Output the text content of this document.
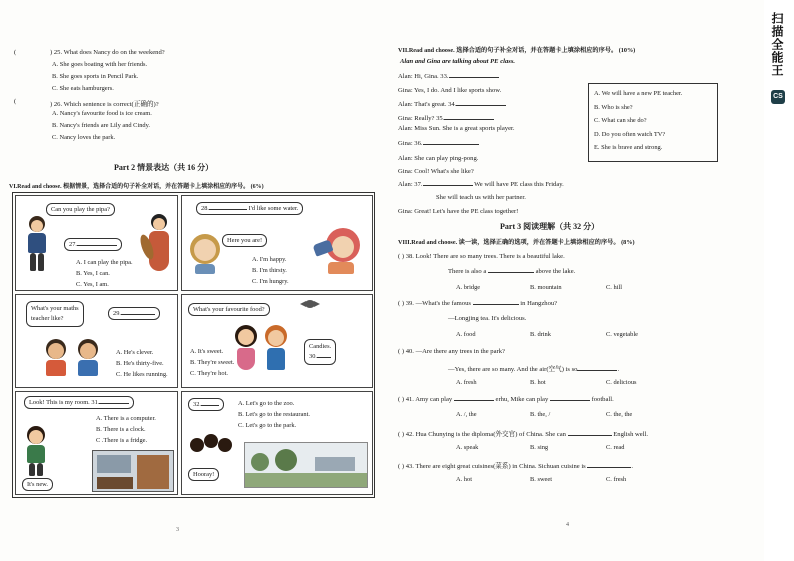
(	) 25. What does Nancy do on the weekend?
A. She goes boating with her friends.
B. She goes sports in Pencil Park.
C. She eats hamburgers.
(	) 26. Which sentence is correct(正确的)?
A. Nancy's favourite food is ice cream.
B. Nancy's friends are Lily and Cindy.
C. Nancy loves the park.
Part 2 情景表达（共 16 分）
VI.Read and choose. 根据情景，选择合适的句子补全对话，并在答题卡上填涂相应的序号。 (6%)
Can you play the pipa?
27.
A. I can play the pipa.
B. Yes, I can.
C. Yes, I am.
28.	I'd like some water.
Here you are!
A. I'm happy.
B. I'm thirsty.
C. I'm hungry.
What's your maths
teacher like?
29.
A. He's clever.
B. He's thirty-five.
C. He likes running.
What's your favourite food?
Candies.
30.
A. It's sweet.
B. They're sweet.
C. They're hot.
Look! This is my room. 31.
It's new.
A. There is a computer.
B. There is a clock.
C .There is a fridge.
32.	A. Let's go to the zoo.
B. Let's go to the restaurant.
C. Let's go to the park.
Hooray!
3
VII.Read and choose. 选择合适的句子补全对话，并在答题卡上填涂相应的序号。 (10%)
Alan and Gina are talking about PE class.
Alan: Hi, Gina. 33.
Gina: Yes, I do. And I like sports show.
Alan: That's great. 34.
Gina: Really? 35.
Alan: Miss Sun. She is a great sports player.
Gina: 36.
Alan: She can play ping-pong.
Gina: Cool! What's she like?
Alan: 37.	We will have PE class this Friday.
She will teach us with her partner.
Gina: Great! Let's have the PE class together!
A. We will have a new PE teacher.
B. Who is she?
C. What can she do?
D. Do you often watch TV?
E. She is brave and strong.
Part 3 阅读理解（共 32 分）
VIII.Read and choose. 读一读，选择正确的选项，并在答题卡上填涂相应的序号。 (8%)
( ) 38. Look! There are so many trees. There is a beautiful lake.
There is also a	above the lake.
A. bridge	B. mountain	C. hill
( ) 39. —What's the famous	in Hangzhou?
—Longjing tea. It's delicious.
A. food	B. drink	C. vegetable
( ) 40. —Are there any trees in the park?
—Yes, there are so many. And the air(空气) is so	.
A. fresh	B. hot	C. delicious
( ) 41. Amy can play	erhu, Mike can play	football.
A. /, the	B. the, /	C. the, the
( ) 42. Hua Chunying is the diploma(外交官) of China. She can	English well.
A. speak	B. sing	C. read
( ) 43. There are eight great cuisines(菜系) in China. Sichuan cuisine is	.
A. hot	B. sweet	C. fresh
4
扫描全能王
CS
